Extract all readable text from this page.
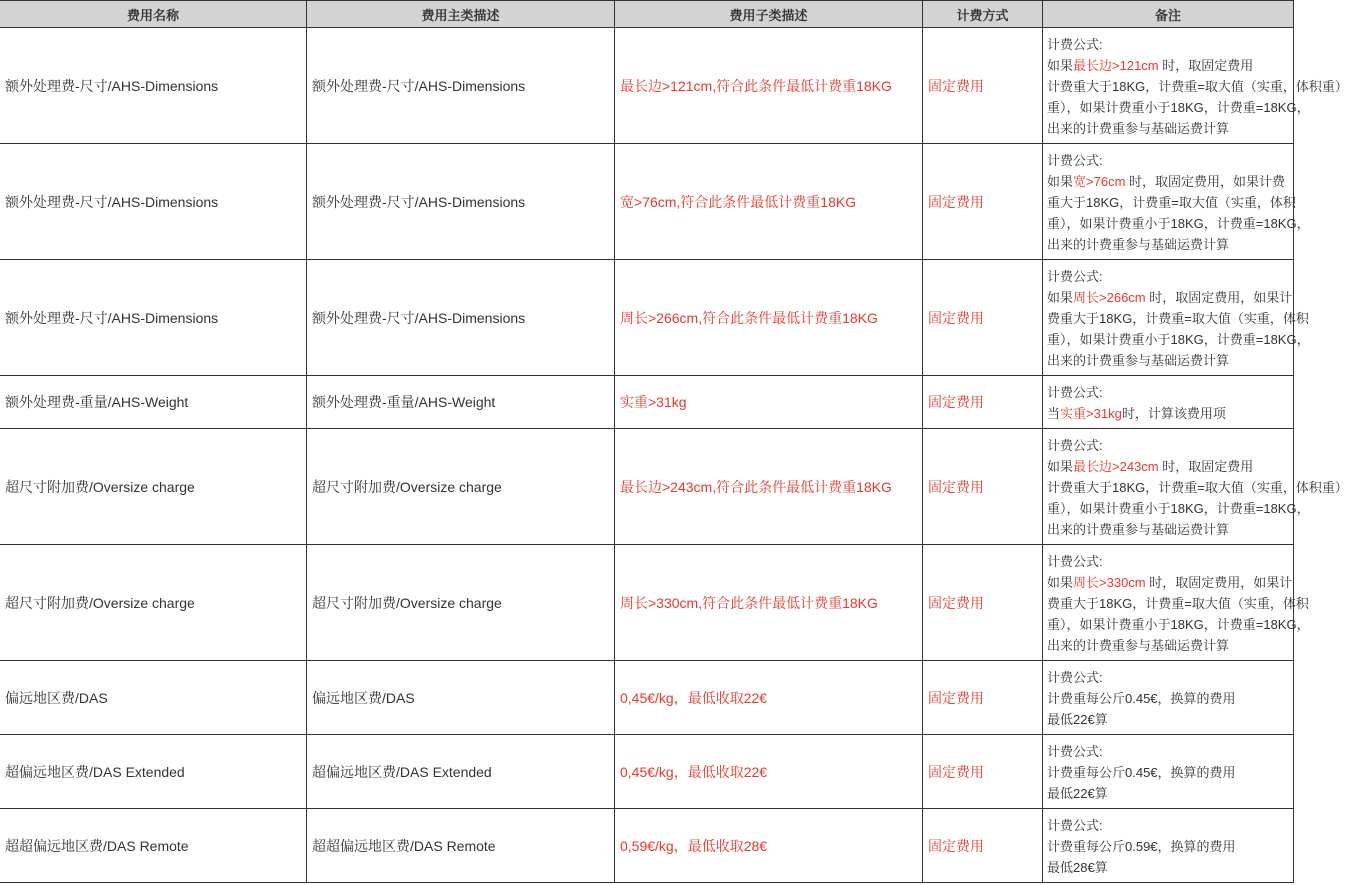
费用名称	费用主类描述	费用子类描述	计费方式	备注
额外处理费-尺寸/AHS-Dimensions	额外处理费-尺寸/AHS-Dimensions	最长边>121cm,符合此条件最低计费重18KG	固定费用	计费公式:
如果最长边>121cm 时，取固定费用
计费重大于18KG，计费重=取大值（实重，体积重）
重），如果计费重小于18KG，计费重=18KG，
出来的计费重参与基础运费计算

额外处理费-尺寸/AHS-Dimensions	额外处理费-尺寸/AHS-Dimensions	宽>76cm,符合此条件最低计费重18KG	固定费用	计费公式:
如果宽>76cm 时，取固定费用，如果计费
重大于18KG，计费重=取大值（实重，体积
重），如果计费重小于18KG，计费重=18KG，
出来的计费重参与基础运费计算

额外处理费-尺寸/AHS-Dimensions	额外处理费-尺寸/AHS-Dimensions	周长>266cm,符合此条件最低计费重18KG	固定费用	计费公式:
如果周长>266cm 时，取固定费用，如果计
费重大于18KG，计费重=取大值（实重，体积
重），如果计费重小于18KG，计费重=18KG，
出来的计费重参与基础运费计算

额外处理费-重量/AHS-Weight	额外处理费-重量/AHS-Weight	实重>31kg	固定费用	计费公式:
当实重>31kg时，计算该费用项

超尺寸附加费/Oversize charge	超尺寸附加费/Oversize charge	最长边>243cm,符合此条件最低计费重18KG	固定费用	计费公式:
如果最长边>243cm 时，取固定费用
计费重大于18KG，计费重=取大值（实重，体积重）
重），如果计费重小于18KG，计费重=18KG，
出来的计费重参与基础运费计算

超尺寸附加费/Oversize charge	超尺寸附加费/Oversize charge	周长>330cm,符合此条件最低计费重18KG	固定费用	计费公式:
如果周长>330cm 时，取固定费用，如果计
费重大于18KG，计费重=取大值（实重，体积
重），如果计费重小于18KG，计费重=18KG，
出来的计费重参与基础运费计算

偏远地区费/DAS	偏远地区费/DAS	0,45€/kg，最低收取22€	固定费用	计费公式:
计费重每公斤0.45€，换算的费用
最低22€算

超偏远地区费/DAS Extended	超偏远地区费/DAS Extended	0,45€/kg，最低收取22€	固定费用	计费公式:
计费重每公斤0.45€，换算的费用
最低22€算

超超偏远地区费/DAS Remote	超超偏远地区费/DAS Remote	0,59€/kg，最低收取28€	固定费用	计费公式:
计费重每公斤0.59€，换算的费用
最低28€算
